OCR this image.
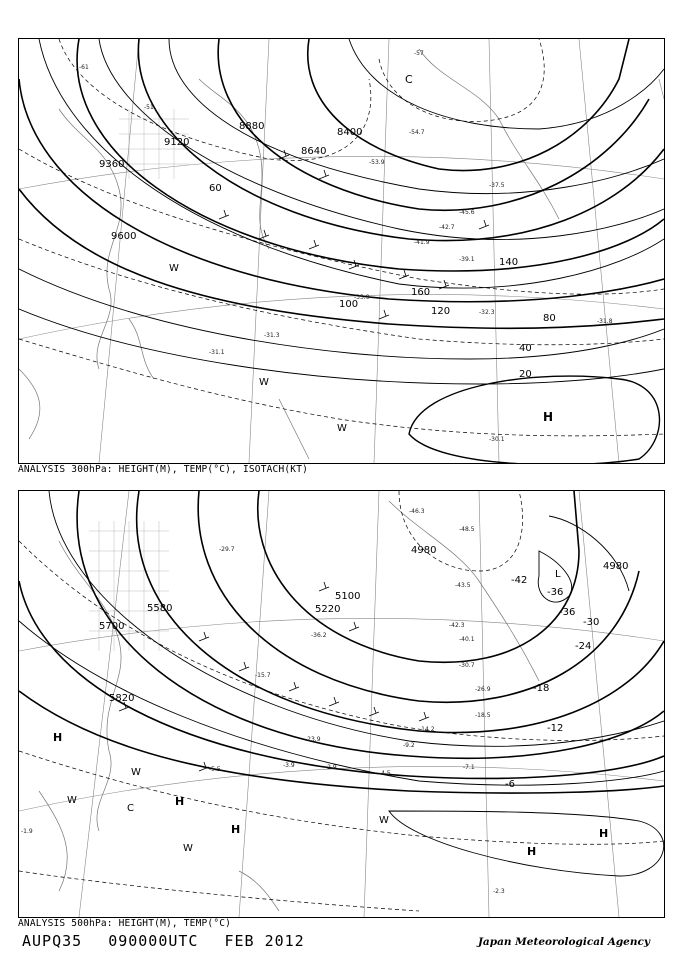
8400
8640
8880
9120
9360
9600
20
40
60
80
100
120
140
160
-61
-57
-54.7
-53.9
-51
-45.6
-42.7
-41.9
-39.1
-37.5
-33.9
-32.3
-31.8
-31.3
-31.1
-30.1
C
W
H
W
W
ANALYSIS 300hPa: HEIGHT(M), TEMP(°C), ISOTACH(KT)
4980
4980
5100
5220
5580
5700
5820
-42
-36
-36
-30
-24
-18
-12
-6
-48.5
-46.3
-43.5
-42.3
-40.1
-36.2
-30.7
-29.7
-26.9
-23.9
-18.5
-15.7
-14.2
-9.2
-7.1
-5.5
-4.5
-3.9	-2.9
-2.3
-1.9
L
C
H
H
H
H
H
W
W
W
W
ANALYSIS 500hPa: HEIGHT(M), TEMP(°C)
AUPQ35 090000UTC FEB 2012	Japan Meteorological Agency
